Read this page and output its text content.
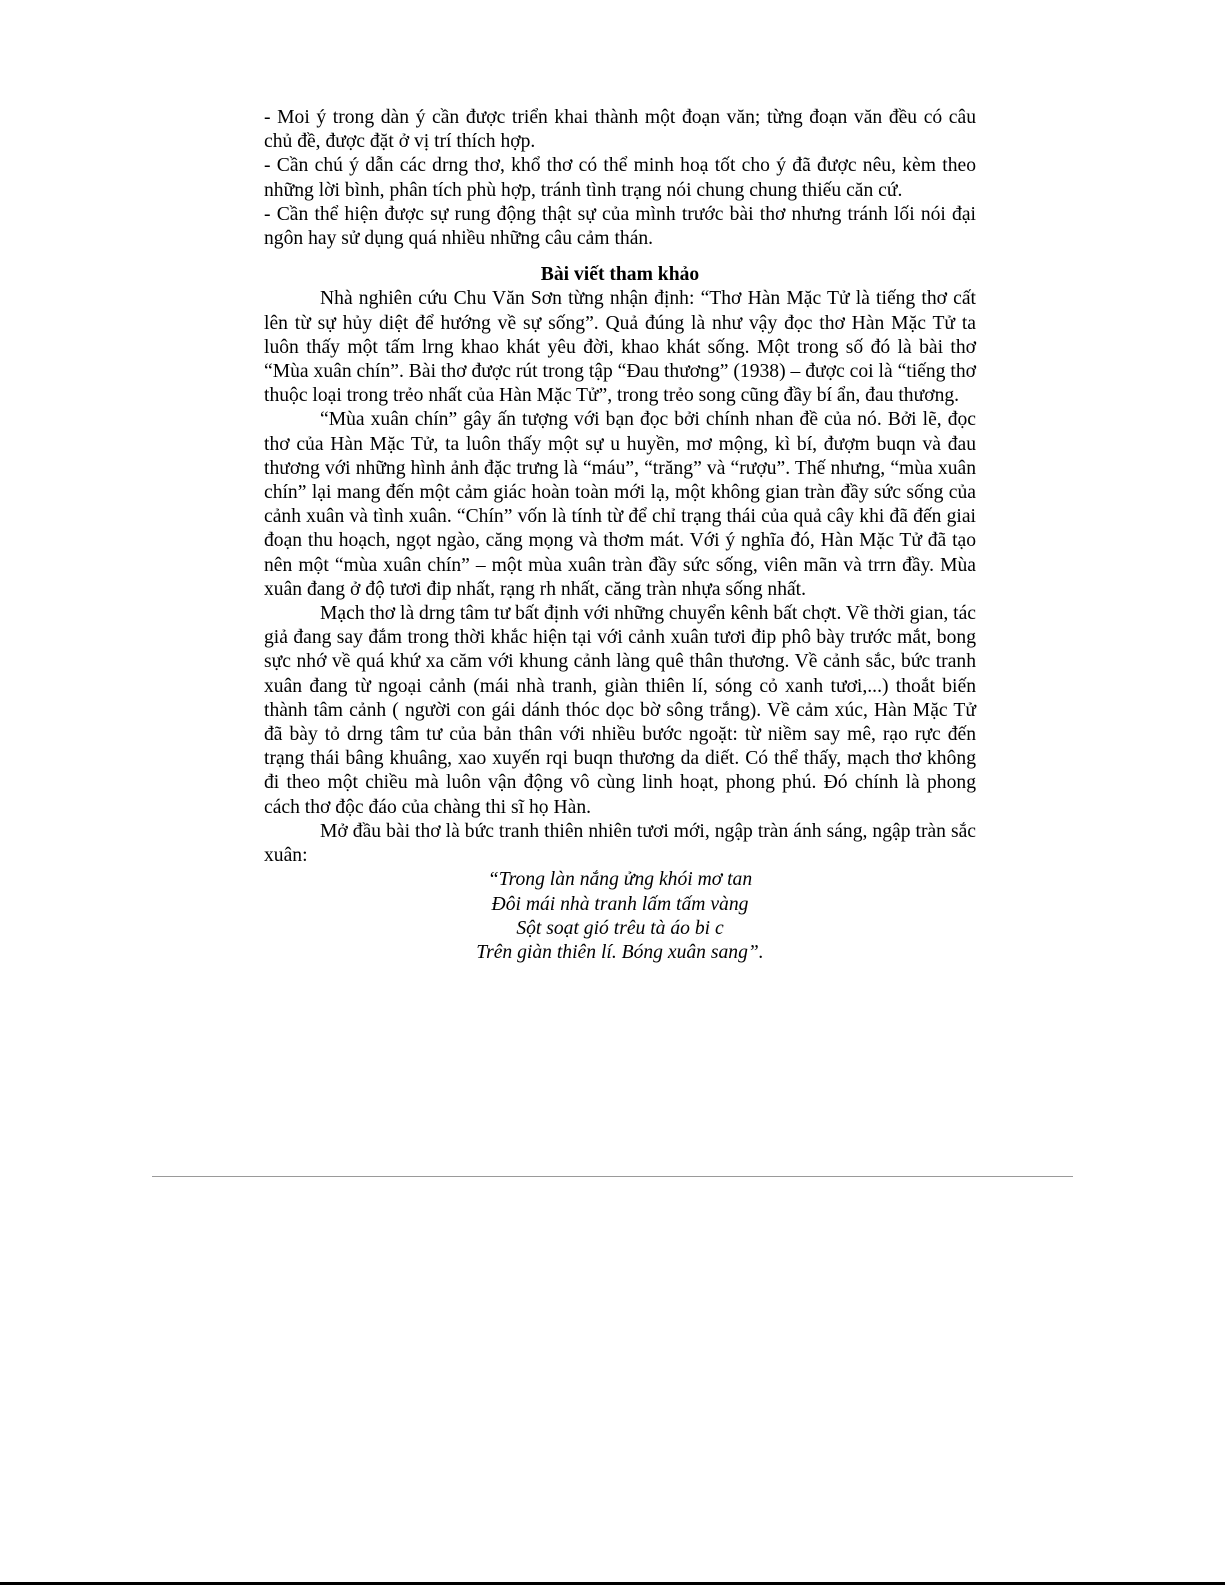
- Moi ý trong dàn ý cần được triển khai thành một đoạn văn; từng đoạn văn đều có câu chủ đề, được đặt ở vị trí thích hợp.

- Cần chú ý dẫn các drng thơ, khổ thơ có thể minh hoạ tốt cho ý đã được nêu, kèm theo những lời bình, phân tích phù hợp, tránh tình trạng nói chung chung thiếu căn cứ.

- Cần thể hiện được sự rung động thật sự của mình trước bài thơ nhưng tránh lối nói đại ngôn hay sử dụng quá nhiều những câu cảm thán.

Bài viết tham khảo

Nhà nghiên cứu Chu Văn Sơn từng nhận định: “Thơ Hàn Mặc Tử là tiếng thơ cất lên từ sự hủy diệt để hướng về sự sống”. Quả đúng là như vậy đọc thơ Hàn Mặc Tử ta luôn thấy một tấm lrng khao khát yêu đời, khao khát sống. Một trong số đó là bài thơ “Mùa xuân chín”. Bài thơ được rút trong tập “Đau thương” (1938) – được coi là “tiếng thơ thuộc loại trong trẻo nhất của Hàn Mặc Tử”, trong trẻo song cũng đầy bí ẩn, đau thương.

“Mùa xuân chín” gây ấn tượng với bạn đọc bởi chính nhan đề của nó. Bởi lẽ, đọc thơ của Hàn Mặc Tử, ta luôn thấy một sự u huyền, mơ mộng, kì bí, đượm buqn và đau thương với những hình ảnh đặc trưng là “máu”, “trăng” và “rượu”. Thế nhưng, “mùa xuân chín” lại mang đến một cảm giác hoàn toàn mới lạ, một không gian tràn đầy sức sống của cảnh xuân và tình xuân. “Chín” vốn là tính từ để chỉ trạng thái của quả cây khi đã đến giai đoạn thu hoạch, ngọt ngào, căng mọng và thơm mát. Với ý nghĩa đó, Hàn Mặc Tử đã tạo nên một “mùa xuân chín” – một mùa xuân tràn đầy sức sống, viên mãn và trrn đầy. Mùa xuân đang ở độ tươi đip nhất, rạng rh nhất, căng tràn nhựa sống nhất.

Mạch thơ là drng tâm tư bất định với những chuyển kênh bất chợt. Về thời gian, tác giả đang say đắm trong thời khắc hiện tại với cảnh xuân tươi đip phô bày trước mắt, bong sực nhớ về quá khứ xa căm với khung cảnh làng quê thân thương. Về cảnh sắc, bức tranh xuân đang từ ngoại cảnh (mái nhà tranh, giàn thiên lí, sóng cỏ xanh tươi,...) thoắt biến thành tâm cảnh ( người con gái dánh thóc dọc bờ sông trắng). Về cảm xúc, Hàn Mặc Tử đã bày tỏ drng tâm tư của bản thân với nhiều bước ngoặt: từ niềm say mê, rạo rực đến trạng thái bâng khuâng, xao xuyến rqi buqn thương da diết. Có thể thấy, mạch thơ không đi theo một chiều mà luôn vận động vô cùng linh hoạt, phong phú. Đó chính là phong cách thơ độc đáo của chàng thi sĩ họ Hàn.

Mở đầu bài thơ là bức tranh thiên nhiên tươi mới, ngập tràn ánh sáng, ngập tràn sắc xuân:

“Trong làn nắng ửng khói mơ tan
Đôi mái nhà tranh lấm tấm vàng
Sột soạt gió trêu tà áo bi c
Trên giàn thiên lí. Bóng xuân sang”.
